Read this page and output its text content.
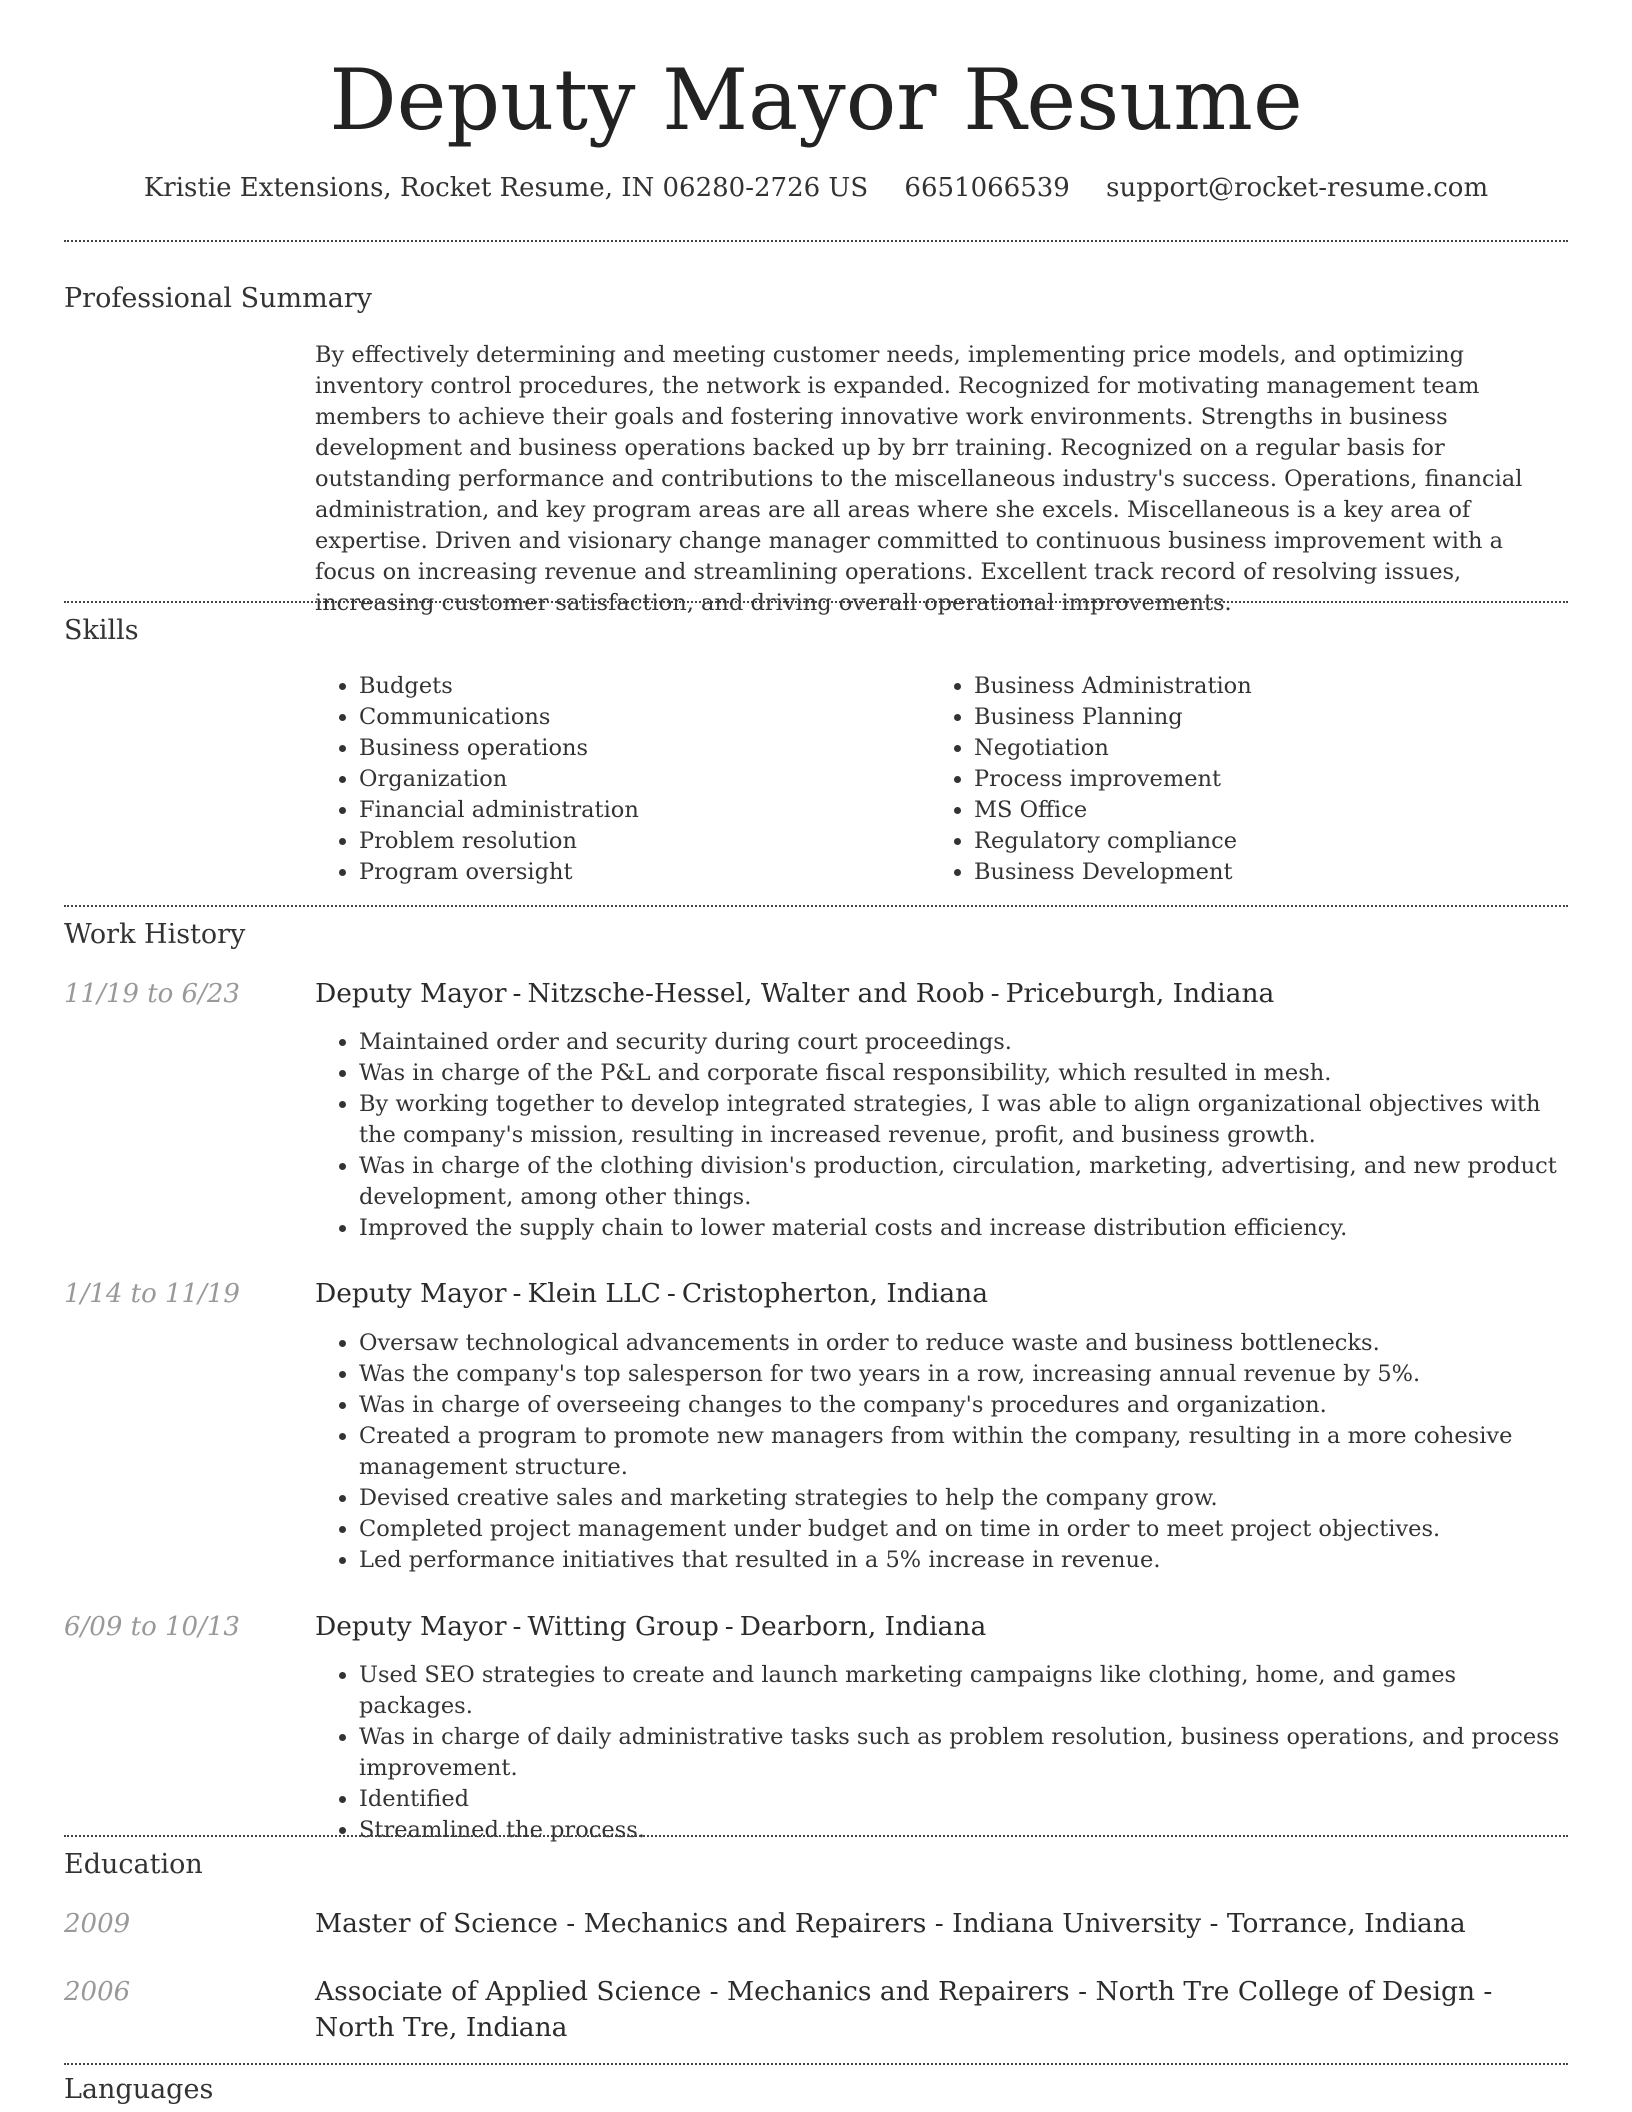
Deputy Mayor Resume
Kristie Extensions, Rocket Resume, IN 06280-2726 US 6651066539 support@rocket-resume.com
Professional Summary

By effectively determining and meeting customer needs, implementing price models, and optimizing inventory control procedures, the network is expanded. Recognized for motivating management team members to achieve their goals and fostering innovative work environments. Strengths in business development and business operations backed up by brr training. Recognized on a regular basis for outstanding performance and contributions to the miscellaneous industry's success. Operations, financial administration, and key program areas are all areas where she excels. Miscellaneous is a key area of expertise. Driven and visionary change manager committed to continuous business improvement with a focus on increasing revenue and streamlining operations. Excellent track record of resolving issues, increasing customer satisfaction, and driving overall operational improvements.

Skills
• Budgets
• Communications
• Business operations
• Organization
• Financial administration
• Problem resolution
• Program oversight
• Business Administration
• Business Planning
• Negotiation
• Process improvement
• MS Office
• Regulatory compliance
• Business Development
Work History
11/19 to 6/23	Deputy Mayor - Nitzsche-Hessel, Walter and Roob - Priceburgh, Indiana
• Maintained order and security during court proceedings.
• Was in charge of the P&L and corporate fiscal responsibility, which resulted in mesh.
• By working together to develop integrated strategies, I was able to align organizational objectives with the company's mission, resulting in increased revenue, profit, and business growth.
• Was in charge of the clothing division's production, circulation, marketing, advertising, and new product development, among other things.
• Improved the supply chain to lower material costs and increase distribution efficiency.
1/14 to 11/19	Deputy Mayor - Klein LLC - Cristopherton, Indiana
• Oversaw technological advancements in order to reduce waste and business bottlenecks.
• Was the company's top salesperson for two years in a row, increasing annual revenue by 5%.
• Was in charge of overseeing changes to the company's procedures and organization.
• Created a program to promote new managers from within the company, resulting in a more cohesive management structure.
• Devised creative sales and marketing strategies to help the company grow.
• Completed project management under budget and on time in order to meet project objectives.
• Led performance initiatives that resulted in a 5% increase in revenue.
6/09 to 10/13	Deputy Mayor - Witting Group - Dearborn, Indiana
• Used SEO strategies to create and launch marketing campaigns like clothing, home, and games packages.
• Was in charge of daily administrative tasks such as problem resolution, business operations, and process improvement.
• Identified
• Streamlined the process.
Education
2009	Master of Science - Mechanics and Repairers - Indiana University - Torrance, Indiana
2006	Associate of Applied Science - Mechanics and Repairers - North Tre College of Design - North Tre, Indiana
Languages
